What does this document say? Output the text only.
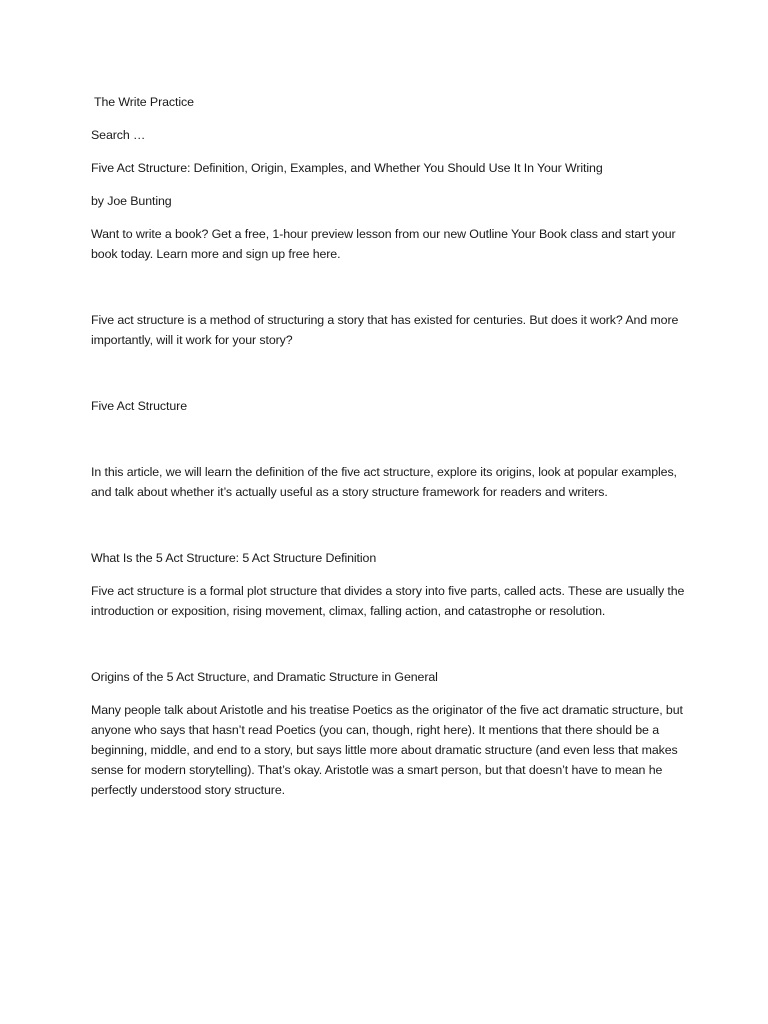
The Write Practice

Search …

Five Act Structure: Definition, Origin, Examples, and Whether You Should Use It In Your Writing

by Joe Bunting

Want to write a book? Get a free, 1-hour preview lesson from our new Outline Your Book class and start your book today. Learn more and sign up free here.

Five act structure is a method of structuring a story that has existed for centuries. But does it work? And more importantly, will it work for your story?

Five Act Structure

In this article, we will learn the definition of the five act structure, explore its origins, look at popular examples, and talk about whether it’s actually useful as a story structure framework for readers and writers.

What Is the 5 Act Structure: 5 Act Structure Definition

Five act structure is a formal plot structure that divides a story into five parts, called acts. These are usually the introduction or exposition, rising movement, climax, falling action, and catastrophe or resolution.

Origins of the 5 Act Structure, and Dramatic Structure in General

Many people talk about Aristotle and his treatise Poetics as the originator of the five act dramatic structure, but anyone who says that hasn’t read Poetics (you can, though, right here). It mentions that there should be a beginning, middle, and end to a story, but says little more about dramatic structure (and even less that makes sense for modern storytelling). That’s okay. Aristotle was a smart person, but that doesn’t have to mean he perfectly understood story structure.
